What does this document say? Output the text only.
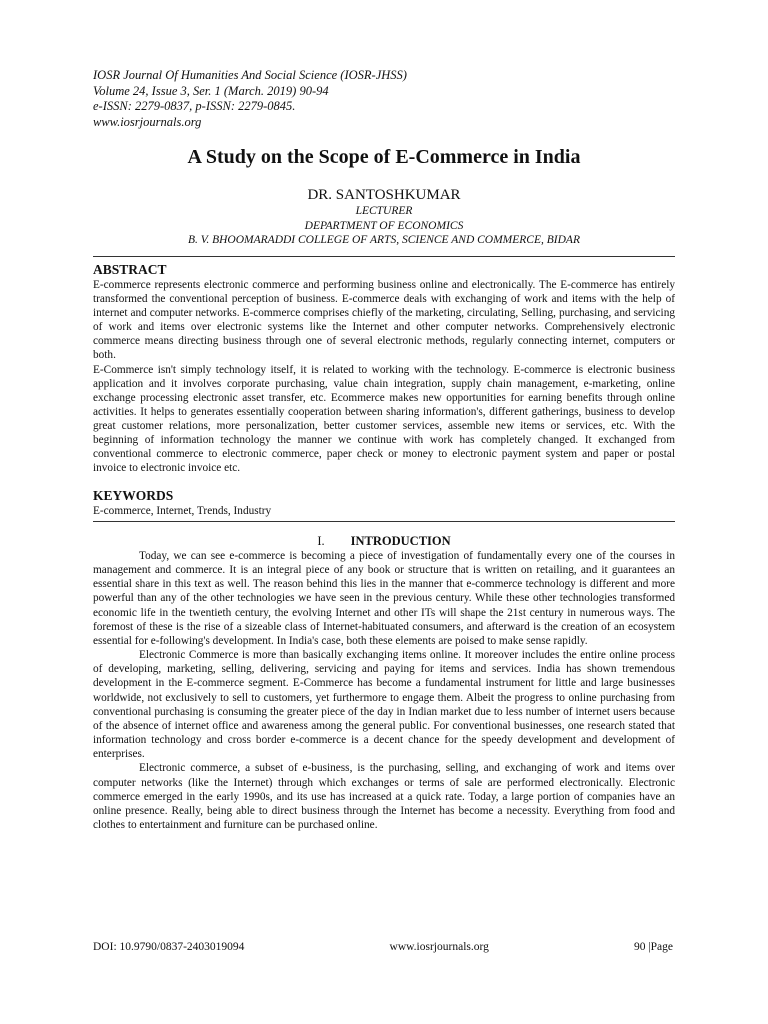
IOSR Journal Of Humanities And Social Science (IOSR-JHSS)
Volume 24, Issue 3, Ser. 1 (March. 2019) 90-94
e-ISSN: 2279-0837, p-ISSN: 2279-0845.
www.iosrjournals.org
A Study on the Scope of E-Commerce in India
DR. SANTOSHKUMAR
LECTURER
DEPARTMENT OF ECONOMICS
B. V. BHOOMARADDI COLLEGE OF ARTS, SCIENCE AND COMMERCE, BIDAR
ABSTRACT

E-commerce represents electronic commerce and performing business online and electronically. The E-commerce has entirely transformed the conventional perception of business. E-commerce deals with exchanging of work and items with the help of internet and computer networks. E-commerce comprises chiefly of the marketing, circulating, Selling, purchasing, and servicing of work and items over electronic systems like the Internet and other computer networks. Comprehensively electronic commerce means directing business through one of several electronic methods, regularly connecting internet, computers or both.

E-Commerce isn't simply technology itself, it is related to working with the technology. E-commerce is electronic business application and it involves corporate purchasing, value chain integration, supply chain management, e-marketing, online exchange processing electronic asset transfer, etc. Ecommerce makes new opportunities for earning benefits through online activities. It helps to generates essentially cooperation between sharing information's, different gatherings, business to develop great customer relations, more personalization, better customer services, assemble new items or services, etc. With the beginning of information technology the manner we continue with work has completely changed. It exchanged from conventional commerce to electronic commerce, paper check or money to electronic payment system and paper or postal invoice to electronic invoice etc.

KEYWORDS
E-commerce, Internet, Trends, Industry
I. INTRODUCTION

Today, we can see e-commerce is becoming a piece of investigation of fundamentally every one of the courses in management and commerce. It is an integral piece of any book or structure that is written on retailing, and it guarantees an essential share in this text as well. The reason behind this lies in the manner that e-commerce technology is different and more powerful than any of the other technologies we have seen in the previous century. While these other technologies transformed economic life in the twentieth century, the evolving Internet and other ITs will shape the 21st century in numerous ways. The foremost of these is the rise of a sizeable class of Internet-habituated consumers, and afterward is the creation of an ecosystem essential for e-following's development. In India's case, both these elements are poised to make sense rapidly.

Electronic Commerce is more than basically exchanging items online. It moreover includes the entire online process of developing, marketing, selling, delivering, servicing and paying for items and services. India has shown tremendous development in the E-commerce segment. E-Commerce has become a fundamental instrument for little and large businesses worldwide, not exclusively to sell to customers, yet furthermore to engage them. Albeit the progress to online purchasing from conventional purchasing is consuming the greater piece of the day in Indian market due to less number of internet users because of the absence of internet office and awareness among the general public. For conventional businesses, one research stated that information technology and cross border e-commerce is a decent chance for the speedy development and development of enterprises.

Electronic commerce, a subset of e-business, is the purchasing, selling, and exchanging of work and items over computer networks (like the Internet) through which exchanges or terms of sale are performed electronically. Electronic commerce emerged in the early 1990s, and its use has increased at a quick rate. Today, a large portion of companies have an online presence. Really, being able to direct business through the Internet has become a necessity. Everything from food and clothes to entertainment and furniture can be purchased online.

DOI: 10.9790/0837-2403019094	www.iosrjournals.org	90 |Page
